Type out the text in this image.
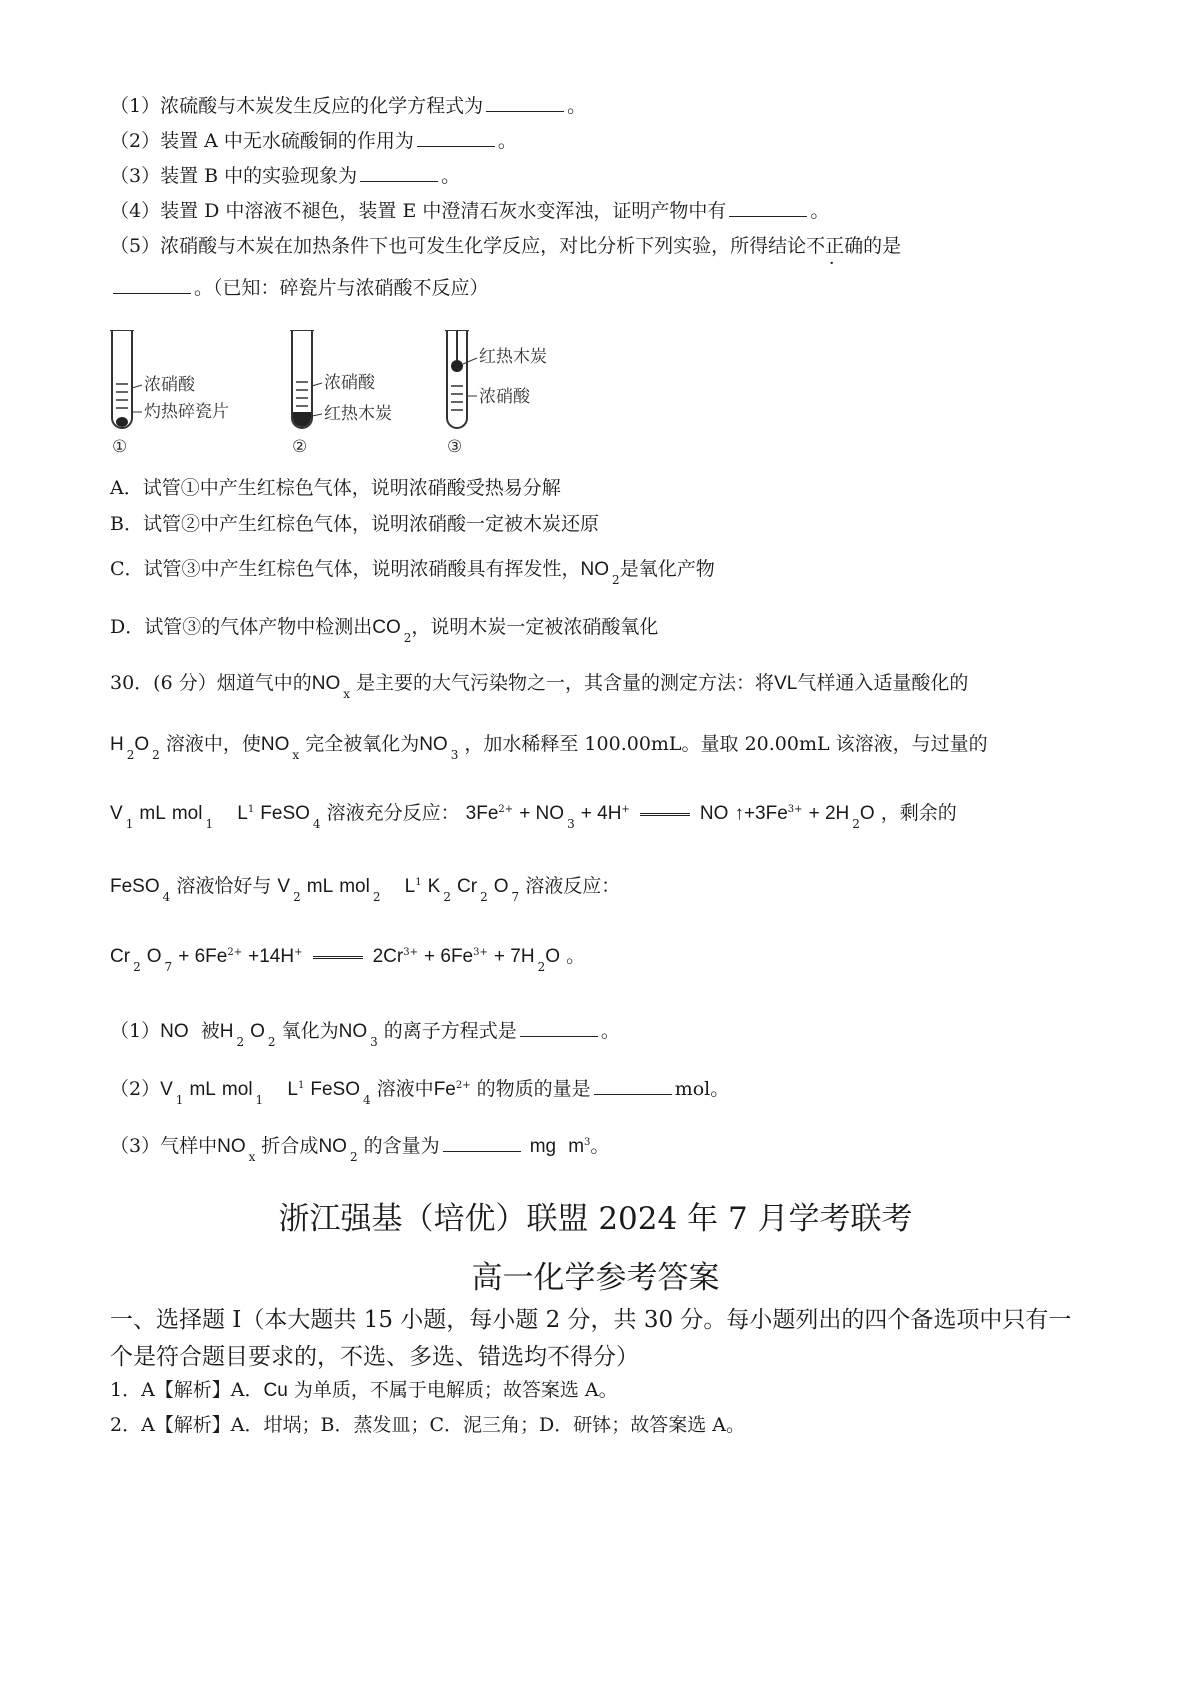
（1）浓硫酸与木炭发生反应的化学方程式为	。
（2）装置 A 中无水硫酸铜的作用为	。
（3）装置 B 中的实验现象为	。
（4）装置 D 中溶液不褪色，装置 E 中澄清石灰水变浑浊，证明产物中有	。
（5）浓硝酸与木炭在加热条件下也可发生化学反应，对比分析下列实验，所得结论不正确的是
。（已知：碎瓷片与浓硝酸不反应）
浓硝酸
灼热碎瓷片
①
浓硝酸
红热木炭
②
红热木炭
浓硝酸
③
A．试管①中产生红棕色气体，说明浓硝酸受热易分解
B．试管②中产生红棕色气体，说明浓硝酸一定被木炭还原
C．试管③中产生红棕色气体，说明浓硝酸具有挥发性，NO $_2$是氧化产物
D．试管③的气体产物中检测出CO $_2$，说明木炭一定被浓硝酸氧化
30．(6 分）烟道气中的NO $_x$ 是主要的大气污染物之一，其含量的测定方法：将VL气样通入适量酸化的
H $_2$O $_2$ 溶液中，使NO $_x$ 完全被氧化为NO $_3$ ，加水稀释至 100.00mL。量取 20.00mL 该溶液，与过量的
V $_1$ mL mol $_1$ $L^1$ FeSO $_4$ 溶液充分反应： $3Fe^{2+}$ + NO $_3$ + 4H+	NO $↑+3Fe^{3+} + 2H$ $_2$O ，剩余的
FeSO $_4$ 溶液恰好与 V $_2$ mL mol $_2$ $L^1$ K $_2$ Cr $_2$ O $_7$ 溶液反应：
Cr $_2$ O $_7 + 6Fe^{2+} +14H^+$	$2Cr^{3+} + 6Fe^{3+} + 7H$ $_2$O 。
（1）NO 被H $_2$ O $_2$ 氧化为NO $_3$ 的离子方程式是	。
（2）V $_1$ mL mol $_1$ $L^1$ FeSO $_4$ 溶液中$Fe^{2+}$ 的物质的量是	mol。
（3）气样中NO $_x$ 折合成NO $_2$ 的含量为	mg $m^3$。
浙江强基（培优）联盟 2024 年 7 月学考联考
高一化学参考答案
一、选择题 I（本大题共 15 小题，每小题 2 分，共 30 分。每小题列出的四个备选项中只有一个是符合题目要求的，不选、多选、错选均不得分）
1．A【解析】A．Cu 为单质，不属于电解质；故答案选 A。
2．A【解析】A．坩埚；B．蒸发皿；C．泥三角；D．研钵；故答案选 A。
